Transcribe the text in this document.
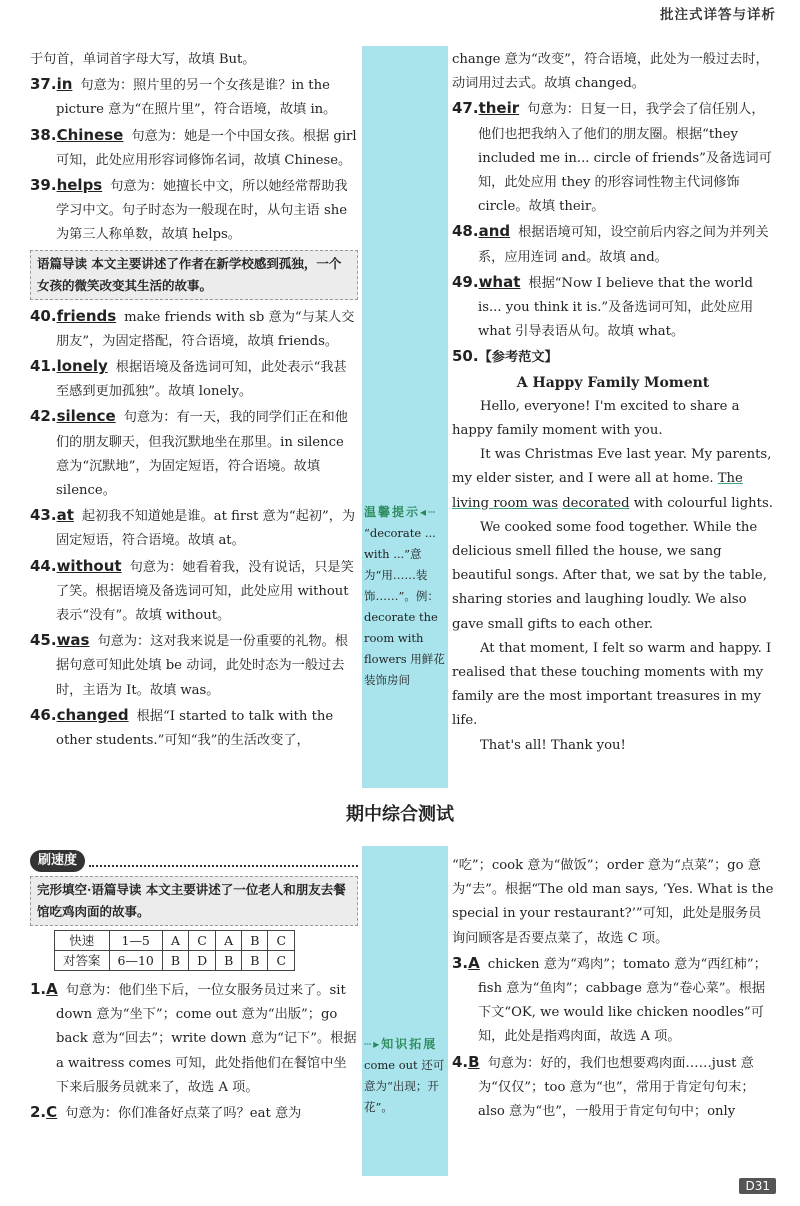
批注式详答与详析

于句首，单词首字母大写，故填 But。

37.in 句意为：照片里的另一个女孩是谁？in the picture 意为“在照片里”，符合语境，故填 in。

38.Chinese 句意为：她是一个中国女孩。根据 girl 可知，此处应用形容词修饰名词，故填 Chinese。

39.helps 句意为：她擅长中文，所以她经常帮助我学习中文。句子时态为一般现在时，从句主语 she 为第三人称单数，故填 helps。

语篇导读 本文主要讲述了作者在新学校感到孤独，一个女孩的微笑改变其生活的故事。

40.friends make friends with sb 意为“与某人交朋友”，为固定搭配，符合语境，故填 friends。

41.lonely 根据语境及备选词可知，此处表示“我甚至感到更加孤独”。故填 lonely。

42.silence 句意为：有一天，我的同学们正在和他们的朋友聊天，但我沉默地坐在那里。in silence 意为“沉默地”，为固定短语，符合语境。故填 silence。

43.at 起初我不知道她是谁。at first 意为“起初”，为固定短语，符合语境。故填 at。

44.without 句意为：她看着我，没有说话，只是笑了笑。根据语境及备选词可知，此处应用 without 表示“没有”。故填 without。

45.was 句意为：这对我来说是一份重要的礼物。根据句意可知此处填 be 动词，此处时态为一般过去时，主语为 It。故填 was。

46.changed 根据“I started to talk with the other students.”可知“我”的生活改变了，

温馨提示◂┄
“decorate ... with ...”意为“用……装饰……”。例：decorate the room with flowers 用鲜花装饰房间

change 意为“改变”，符合语境，此处为一般过去时，动词用过去式。故填 changed。

47.their 句意为：日复一日，我学会了信任别人，他们也把我纳入了他们的朋友圈。根据“they included me in... circle of friends”及备选词可知，此处应用 they 的形容词性物主代词修饰 circle。故填 their。

48.and 根据语境可知，设空前后内容之间为并列关系，应用连词 and。故填 and。

49.what 根据“Now I believe that the world is... you think it is.”及备选词可知，此处应用 what 引导表语从句。故填 what。

50.【参考范文】

A Happy Family Moment

Hello, everyone! I'm excited to share a happy family moment with you.

It was Christmas Eve last year. My parents, my elder sister, and I were all at home. The living room was decorated with colourful lights.

We cooked some food together. While the delicious smell filled the house, we sang beautiful songs. After that, we sat by the table, sharing stories and laughing loudly. We also gave small gifts to each other.

At that moment, I felt so warm and happy. I realised that these touching moments with my family are the most important treasures in my life.

That's all! Thank you!

期中综合测试
刷速度
完形填空·语篇导读 本文主要讲述了一位老人和朋友去餐馆吃鸡肉面的故事。
快速	1—5	A	C	A	B	C
对答案	6—10	B	D	B	B	C

1.A 句意为：他们坐下后，一位女服务员过来了。sit down 意为“坐下”；come out 意为“出版”；go back 意为“回去”；write down 意为“记下”。根据 a waitress comes 可知，此处指他们在餐馆中坐下来后服务员就来了，故选 A 项。

2.C 句意为：你们准备好点菜了吗？eat 意为

┄▸知识拓展
come out 还可意为“出现；开花”。

“吃”；cook 意为“做饭”；order 意为“点菜”；go 意为“去”。根据“The old man says, ‘Yes. What is the special in your restaurant?’”可知，此处是服务员询问顾客是否要点菜了，故选 C 项。

3.A chicken 意为“鸡肉”；tomato 意为“西红柿”；fish 意为“鱼肉”；cabbage 意为“卷心菜”。根据下文“OK, we would like chicken noodles”可知，此处是指鸡肉面，故选 A 项。

4.B 句意为：好的，我们也想要鸡肉面……just 意为“仅仅”；too 意为“也”，常用于肯定句句末；also 意为“也”，一般用于肯定句句中；only

D31
